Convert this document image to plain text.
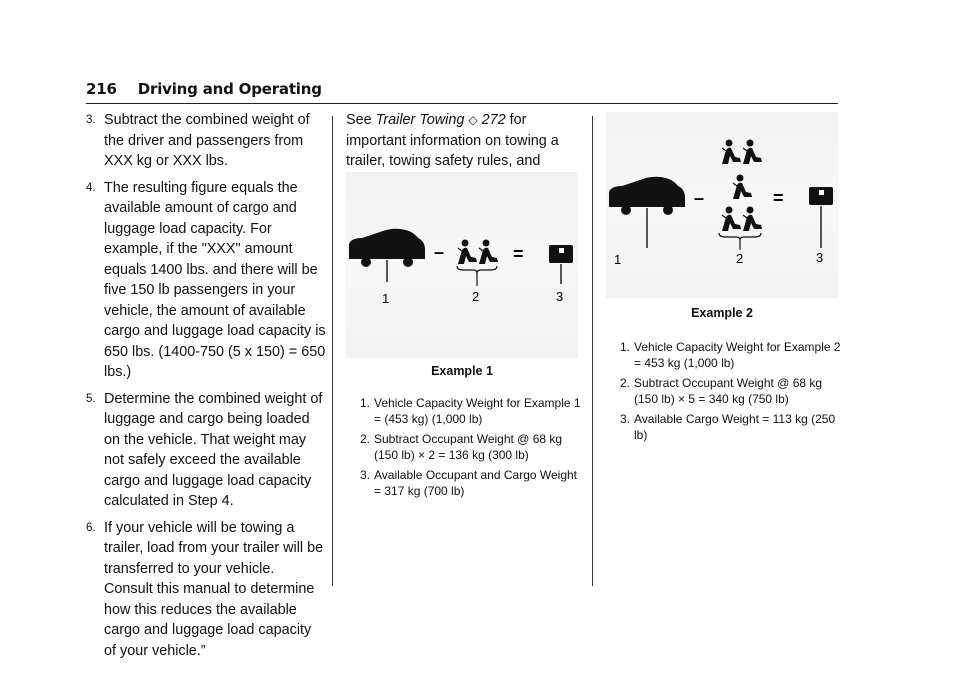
216 Driving and Operating
3. Subtract the combined weight of the driver and passengers from XXX kg or XXX lbs.
4. The resulting figure equals the available amount of cargo and luggage load capacity. For example, if the "XXX" amount equals 1400 lbs. and there will be five 150 lb passengers in your vehicle, the amount of available cargo and luggage load capacity is 650 lbs. (1400-750 (5 x 150) = 650 lbs.)
5. Determine the combined weight of luggage and cargo being loaded on the vehicle. That weight may not safely exceed the available cargo and luggage load capacity calculated in Step 4.
6. If your vehicle will be towing a trailer, load from your trailer will be transferred to your vehicle. Consult this manual to determine how this reduces the available cargo and luggage load capacity of your vehicle.”
See Trailer Towing ◇ 272 for important information on towing a trailer, towing safety rules, and
–	=
1	2	3
Example 1
1. Vehicle Capacity Weight for Example 1 = (453 kg) (1,000 lb)
2. Subtract Occupant Weight @ 68 kg (150 lb) × 2 = 136 kg (300 lb)
3. Available Occupant and Cargo Weight = 317 kg (700 lb)
–	=
1	2	3
Example 2
1. Vehicle Capacity Weight for Example 2 = 453 kg (1,000 lb)
2. Subtract Occupant Weight @ 68 kg (150 lb) × 5 = 340 kg (750 lb)
3. Available Cargo Weight = 113 kg (250 lb)
